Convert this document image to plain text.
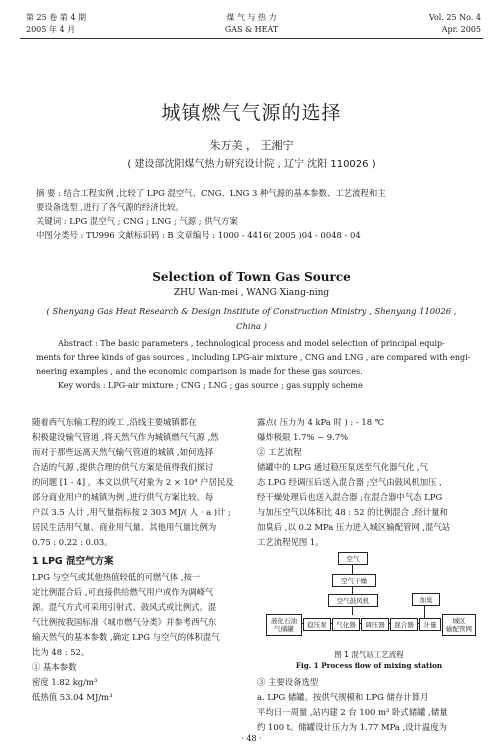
第 25 卷 第 4 期
2005 年 4 月
煤 气 与 热 力
GAS & HEAT
Vol. 25 No. 4
Apr. 2005
城镇燃气气源的选择
朱万美 ， 王湘宁
( 建设部沈阳煤气热力研究设计院 , 辽宁 沈阳 110026 )
摘 要 : 结合工程实例 ,比较了 LPG 混空气、CNG、LNG 3 种气源的基本参数、工艺流程和主
要设备选型 ,进行了各气源的经济比较。
关键词 : LPG 混空气 ; CNG ; LNG ; 气源 ; 供气方案
中图分类号 : TU996 文献标识码 : B 文章编号 : 1000 - 4416( 2005 )04 - 0048 - 04
Selection of Town Gas Source
ZHU Wan-mei , WANG Xiang-ning
( Shenyang Gas Heat Research & Design Institute of Construction Ministry , Shenyang 110026 ,
China )
Abstract : The basic parameters , technological process and model selection of principal equip-
ments for three kinds of gas sources , including LPG-air mixture , CNG and LNG , are compared with engi-
neering examples , and the economic comparison is made for these gas sources.
Key words : LPG-air mixture ; CNG ; LNG ; gas source ; gas supply scheme
随着西气东输工程的竣工 ,沿线主要城镇都在
积极建设输气管道 ,将天然气作为城镇燃气气源 ,然
而对于那些远离天然气输气管道的城镇 ,如何选择
合适的气源 ,提供合理的供气方案是值得我们探讨
的问题 [1 - 4] 。本文以供气对象为 2 × 10⁴ 户居民及
部分商业用户的城镇为例 ,进行供气方案比较。每
户以 3.5 人计 ,用气量指标按 2 303 MJ/( 人 · a )计 ;
居民生活用气量、商业用气量、其他用气量比例为
0.75 : 0.22 : 0.03。
1 LPG 混空气方案
LPG 与空气或其他热值较低的可燃气体 ,按一
定比例混合后 ,可直接供给燃气用户或作为调峰气
源。混气方式可采用引射式、鼓风式或比例式。混
气比例按我国标准《城市燃气分类》并参考西气东
输天然气的基本参数 ,确定 LPG 与空气的体积混气
比为 48 : 52。
① 基本参数
密度 1.82 kg/m³
低热值 53.04 MJ/m³
露点( 压力为 4 kPa 时 ) : - 18 ℃
爆炸极限 1.7% ~ 9.7%
② 工艺流程
储罐中的 LPG 通过稳压泵送至气化器气化 ,气
态 LPG 经调压后送入混合器 ;空气由鼓风机加压 ,
经干燥处理后也送入混合器 ;在混合器中气态 LPG
与加压空气以体积比 48 : 52 的比例混合 ,经计量和
加臭后 ,以 0.2 MPa 压力进入城区输配管网 ,混气站
工艺流程见图 1。
空气
空气干燥
空气鼓风机	加臭
液化石油
气储罐
稳压泵	气化器	调压器	混合器	计量	城区
输配管网
图 1 混气站工艺流程
Fig. 1 Process flow of mixing station
③ 主要设备选型
a. LPG 储罐。按供气规模和 LPG 储存计算月
平均日一周量 ,站内建 2 台 100 m³ 卧式储罐 ,储量
约 100 t。储罐设计压力为 1.77 MPa ,设计温度为
· 48 ·
